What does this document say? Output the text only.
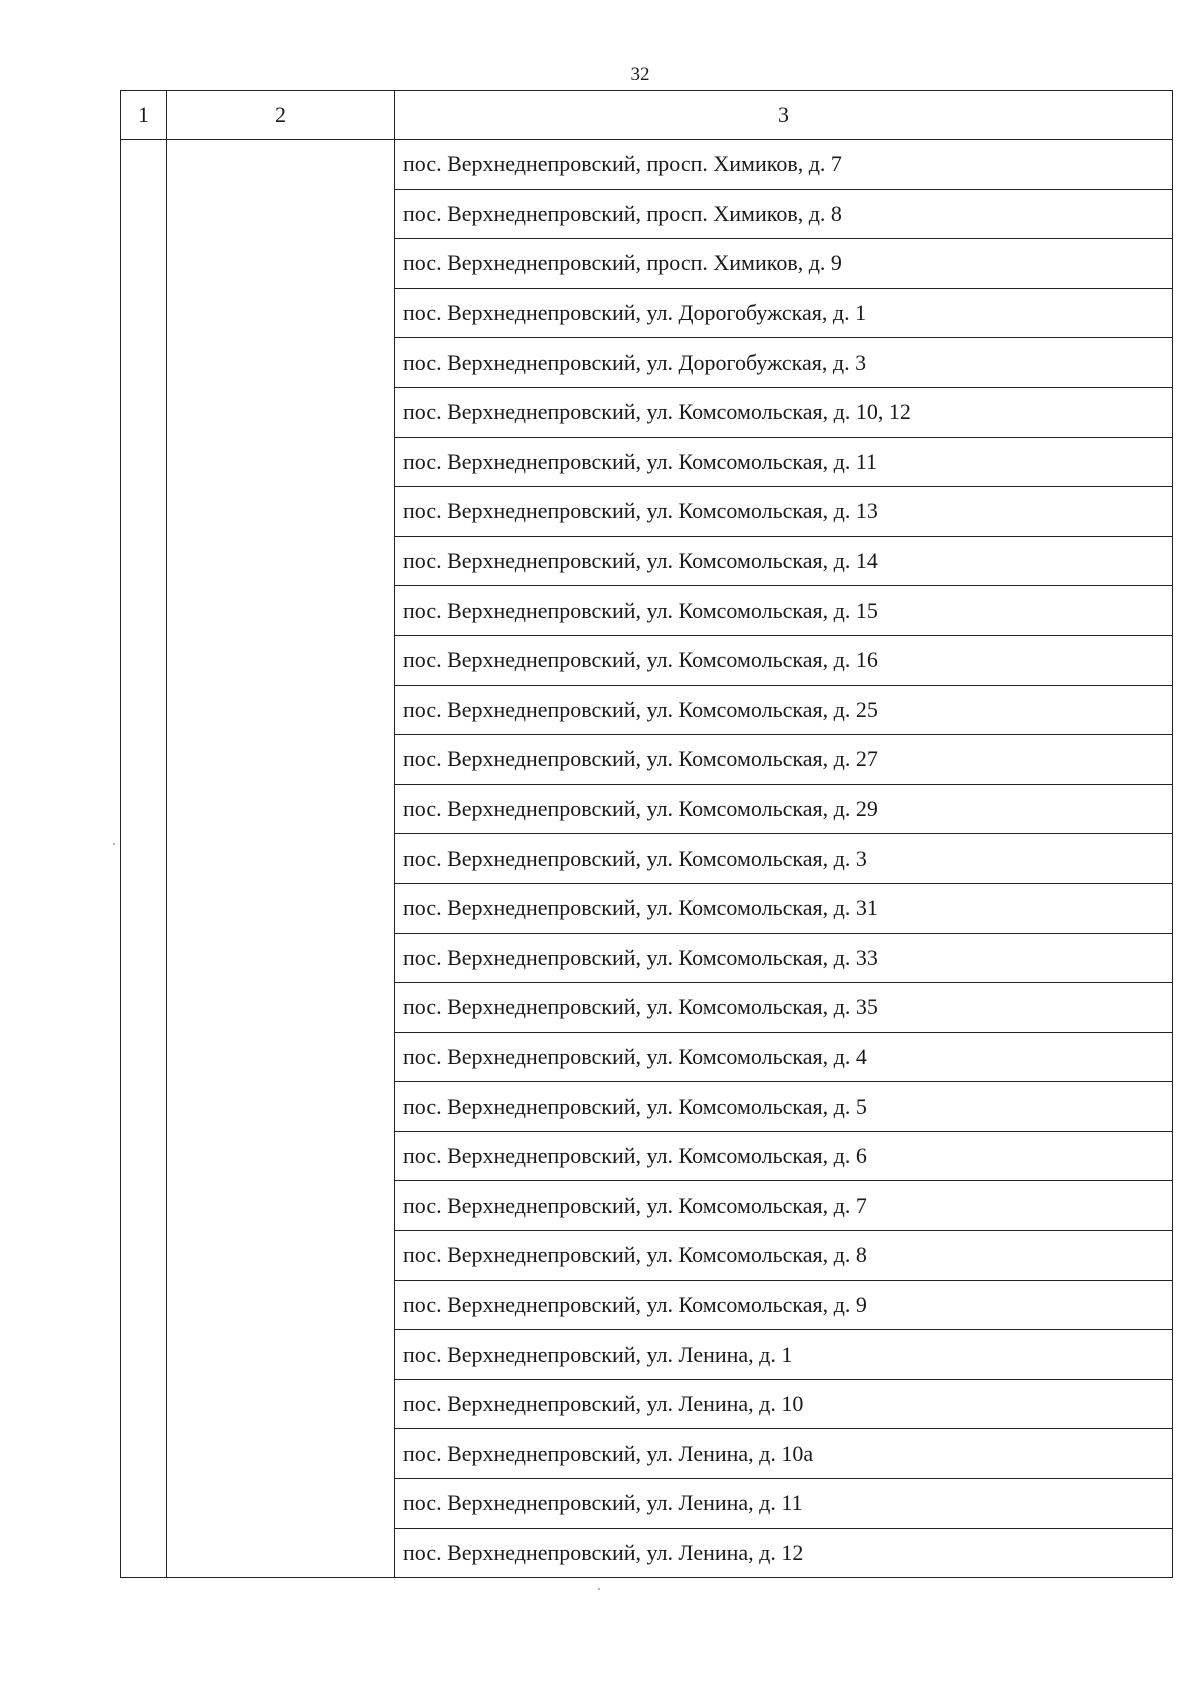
32
1	2	3
		пос. Верхнеднепровский, просп. Химиков, д. 7
		пос. Верхнеднепровский, просп. Химиков, д. 8
		пос. Верхнеднепровский, просп. Химиков, д. 9
		пос. Верхнеднепровский, ул. Дорогобужская, д. 1
		пос. Верхнеднепровский, ул. Дорогобужская, д. 3
		пос. Верхнеднепровский, ул. Комсомольская, д. 10, 12
		пос. Верхнеднепровский, ул. Комсомольская, д. 11
		пос. Верхнеднепровский, ул. Комсомольская, д. 13
		пос. Верхнеднепровский, ул. Комсомольская, д. 14
		пос. Верхнеднепровский, ул. Комсомольская, д. 15
		пос. Верхнеднепровский, ул. Комсомольская, д. 16
		пос. Верхнеднепровский, ул. Комсомольская, д. 25
		пос. Верхнеднепровский, ул. Комсомольская, д. 27
		пос. Верхнеднепровский, ул. Комсомольская, д. 29
		пос. Верхнеднепровский, ул. Комсомольская, д. 3
		пос. Верхнеднепровский, ул. Комсомольская, д. 31
		пос. Верхнеднепровский, ул. Комсомольская, д. 33
		пос. Верхнеднепровский, ул. Комсомольская, д. 35
		пос. Верхнеднепровский, ул. Комсомольская, д. 4
		пос. Верхнеднепровский, ул. Комсомольская, д. 5
		пос. Верхнеднепровский, ул. Комсомольская, д. 6
		пос. Верхнеднепровский, ул. Комсомольская, д. 7
		пос. Верхнеднепровский, ул. Комсомольская, д. 8
		пос. Верхнеднепровский, ул. Комсомольская, д. 9
		пос. Верхнеднепровский, ул. Ленина, д. 1
		пос. Верхнеднепровский, ул. Ленина, д. 10
		пос. Верхнеднепровский, ул. Ленина, д. 10а
		пос. Верхнеднепровский, ул. Ленина, д. 11
		пос. Верхнеднепровский, ул. Ленина, д. 12
